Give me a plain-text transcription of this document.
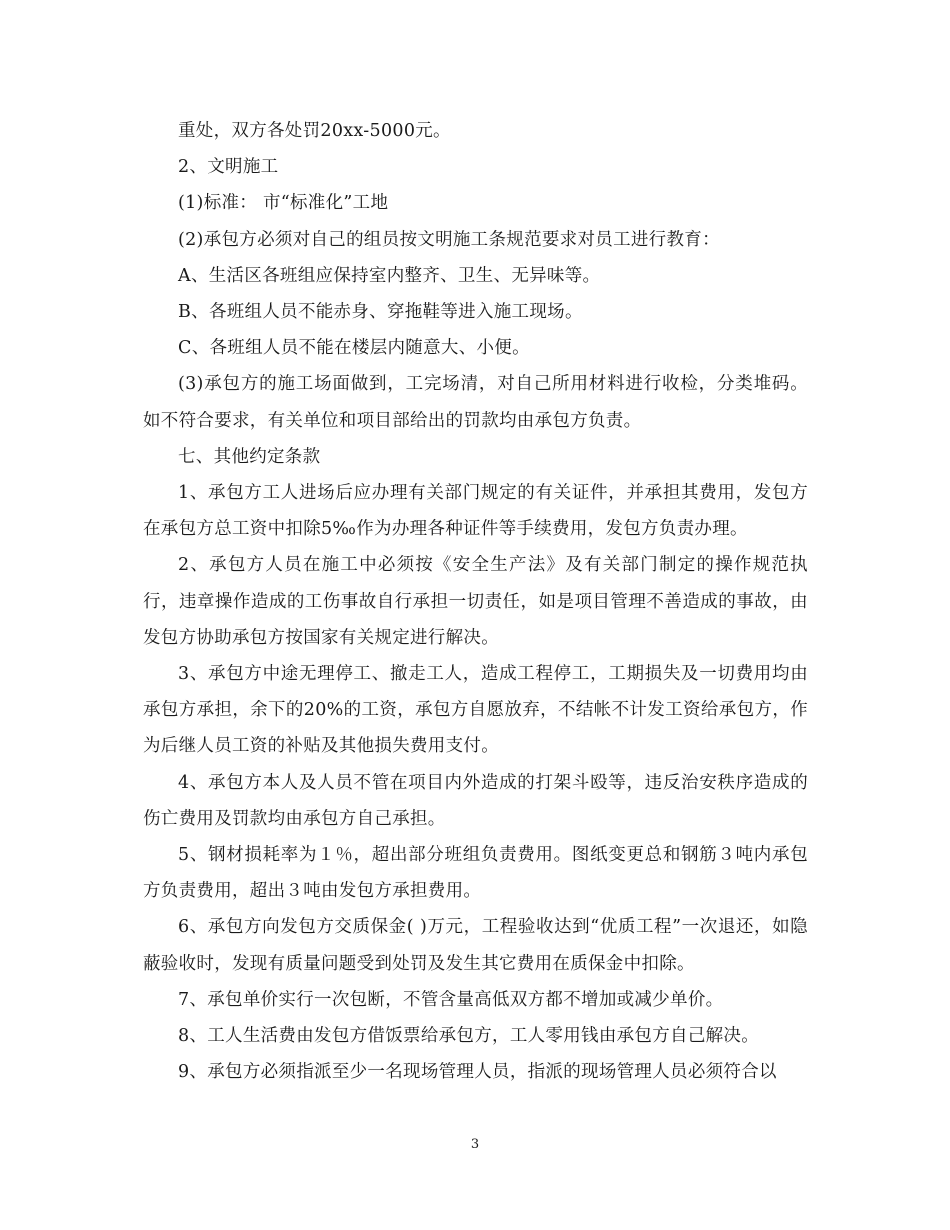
重处，双方各处罚20xx-5000元。

2、文明施工

(1)标准： 市“标准化”工地

(2)承包方必须对自己的组员按文明施工条规范要求对员工进行教育：

A、生活区各班组应保持室内整齐、卫生、无异味等。

B、各班组人员不能赤身、穿拖鞋等进入施工现场。

C、各班组人员不能在楼层内随意大、小便。

(3)承包方的施工场面做到，工完场清，对自己所用材料进行收检，分类堆码。如不符合要求，有关单位和项目部给出的罚款均由承包方负责。

七、其他约定条款

1、承包方工人进场后应办理有关部门规定的有关证件，并承担其费用，发包方在承包方总工资中扣除5‰作为办理各种证件等手续费用，发包方负责办理。

2、承包方人员在施工中必须按《安全生产法》及有关部门制定的操作规范执行，违章操作造成的工伤事故自行承担一切责任，如是项目管理不善造成的事故，由发包方协助承包方按国家有关规定进行解决。

3、承包方中途无理停工、撤走工人，造成工程停工，工期损失及一切费用均由承包方承担，余下的20%的工资，承包方自愿放弃，不结帐不计发工资给承包方，作为后继人员工资的补贴及其他损失费用支付。

4、承包方本人及人员不管在项目内外造成的打架斗殴等，违反治安秩序造成的伤亡费用及罚款均由承包方自己承担。

5、钢材损耗率为１％，超出部分班组负责费用。图纸变更总和钢筋３吨内承包方负责费用，超出３吨由发包方承担费用。

6、承包方向发包方交质保金( )万元，工程验收达到“优质工程”一次退还，如隐蔽验收时，发现有质量问题受到处罚及发生其它费用在质保金中扣除。

7、承包单价实行一次包断，不管含量高低双方都不增加或减少单价。

8、工人生活费由发包方借饭票给承包方，工人零用钱由承包方自己解决。

9、承包方必须指派至少一名现场管理人员，指派的现场管理人员必须符合以

3
